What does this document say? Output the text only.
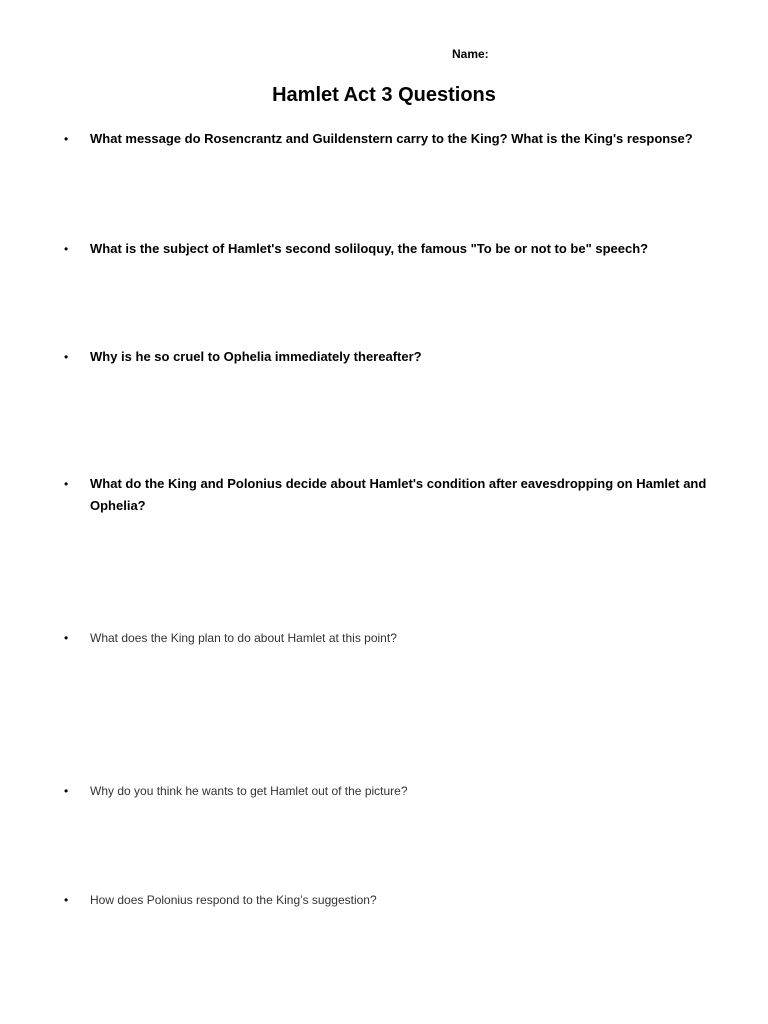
Name:
Hamlet Act 3 Questions
•	What message do Rosencrantz and Guildenstern carry to the King? What is the King's response?
•	What is the subject of Hamlet's second soliloquy, the famous "To be or not to be" speech?
•	Why is he so cruel to Ophelia immediately thereafter?
•	What do the King and Polonius decide about Hamlet's condition after eavesdropping on Hamlet and Ophelia?
•	What does the King plan to do about Hamlet at this point?
•	Why do you think he wants to get Hamlet out of the picture?
•	How does Polonius respond to the King’s suggestion?
